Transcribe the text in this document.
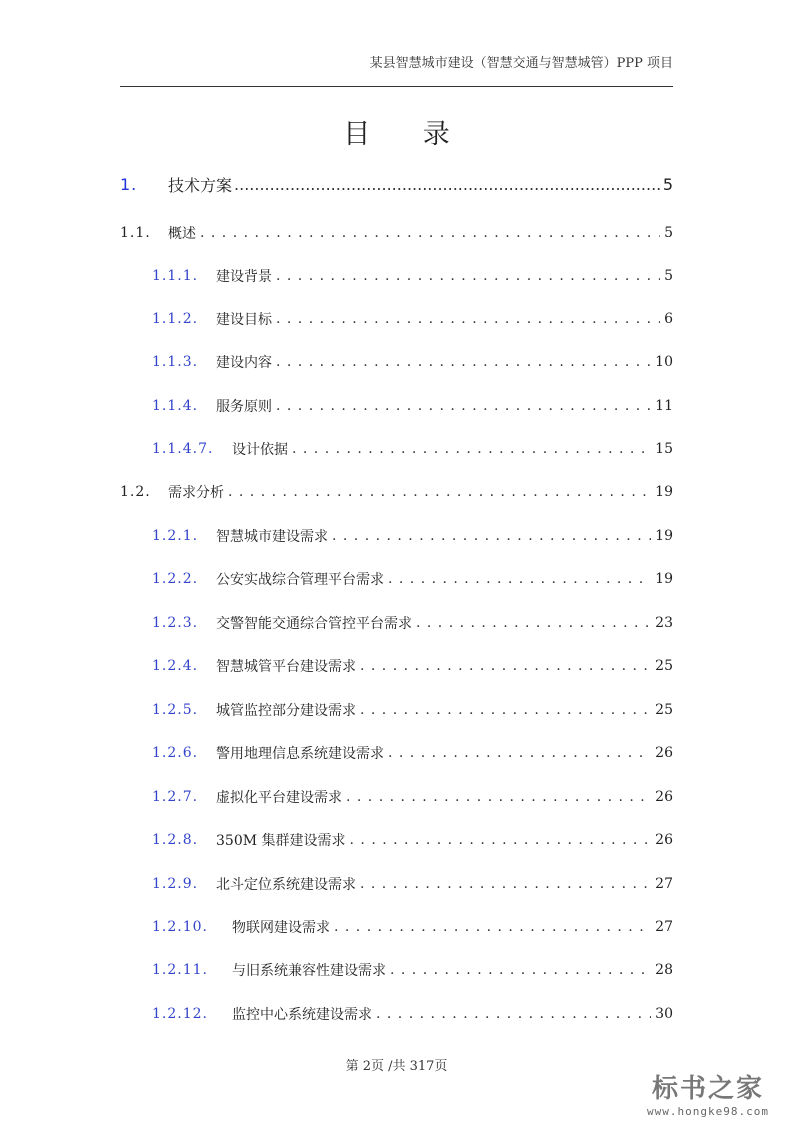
某县智慧城市建设（智慧交通与智慧城管）PPP 项目
目 录
1.	技术方案 .....	5
1.1.	概述 . . .	5
1.1.1.	建设背景 . . .	5
1.1.2.	建设目标 . . .	6
1.1.3.	建设内容 . . .	10
1.1.4.	服务原则 . . .	11
1.1.4.7.	设计依据 . . .	15
1.2.	需求分析 . . .	19
1.2.1.	智慧城市建设需求 . . .	19
1.2.2.	公安实战综合管理平台需求 . . .	19
1.2.3.	交警智能交通综合管控平台需求 . . .	23
1.2.4.	智慧城管平台建设需求 . . .	25
1.2.5.	城管监控部分建设需求 . . .	25
1.2.6.	警用地理信息系统建设需求 . . .	26
1.2.7.	虚拟化平台建设需求 . . .	26
1.2.8.	350M 集群建设需求 . . .	26
1.2.9.	北斗定位系统建设需求 . . .	27
1.2.10.	物联网建设需求 . . .	27
1.2.11.	与旧系统兼容性建设需求 . . .	28
1.2.12.	监控中心系统建设需求 . . .	30
第 2页 /共 317页
标书之家
www.hongke98.com
